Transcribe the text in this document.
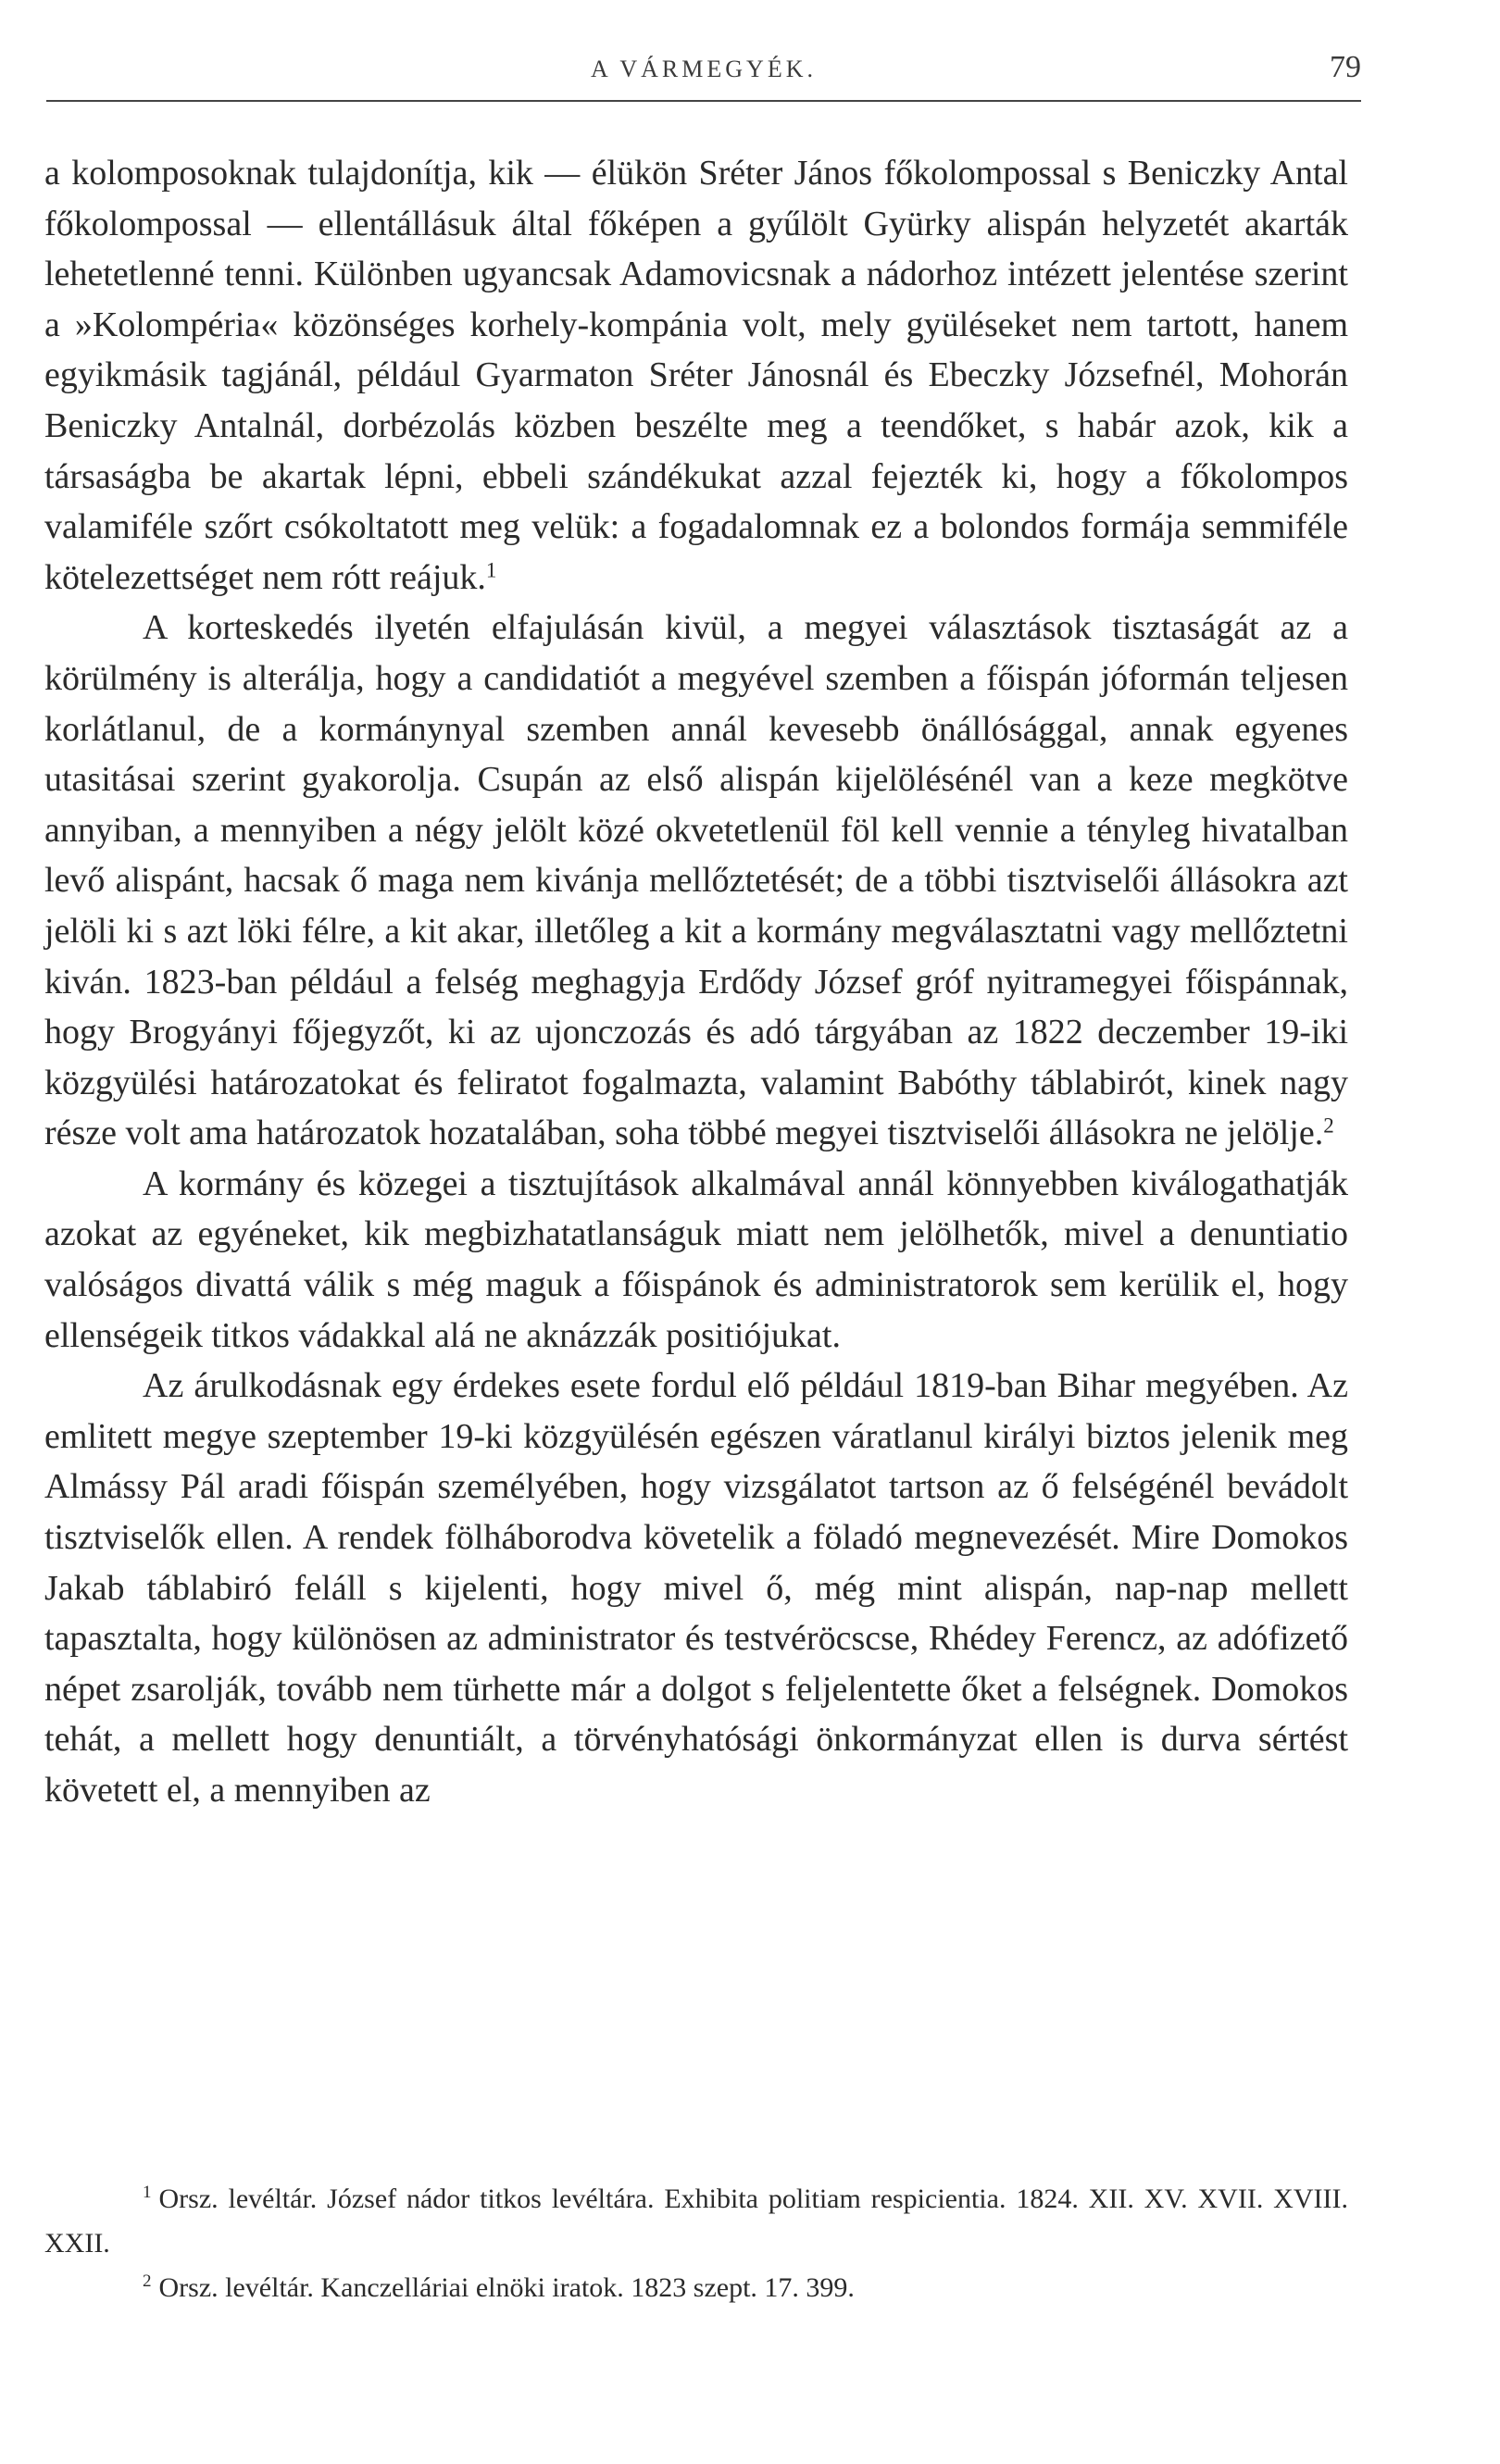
A VÁRMEGYÉK.	79

a kolomposoknak tulajdonítja, kik — élükön Sréter János főkolompossal s Beniczky Antal főkolompossal — ellentállásuk által főképen a gyűlölt Gyürky alispán helyzetét akarták lehetetlenné tenni. Különben ugyancsak Adamovicsnak a nádorhoz intézett jelentése szerint a »Kolompéria« közönséges korhely-kompánia volt, mely gyüléseket nem tartott, hanem egyikmásik tagjánál, például Gyarmaton Sréter Jánosnál és Ebeczky Józsefnél, Mohorán Beniczky Antalnál, dorbézolás közben beszélte meg a teendőket, s habár azok, kik a társaságba be akartak lépni, ebbeli szándékukat azzal fejezték ki, hogy a főkolompos valamiféle szőrt csókoltatott meg velük: a fogadalomnak ez a bolondos formája semmiféle kötelezettséget nem rótt reájuk.$^1$

A korteskedés ilyetén elfajulásán kivül, a megyei választások tisztaságát az a körülmény is alterálja, hogy a candidatiót a megyével szemben a főispán jóformán teljesen korlátlanul, de a kormánynyal szemben annál kevesebb önállósággal, annak egyenes utasitásai szerint gyakorolja. Csupán az első alispán kijelölésénél van a keze megkötve annyiban, a mennyiben a négy jelölt közé okvetetlenül föl kell vennie a tényleg hivatalban levő alispánt, hacsak ő maga nem kivánja mellőztetését; de a többi tisztviselői állásokra azt jelöli ki s azt löki félre, a kit akar, illetőleg a kit a kormány megválasztatni vagy mellőztetni kiván. 1823-ban például a felség meghagyja Erdődy József gróf nyitramegyei főispánnak, hogy Brogyányi főjegyzőt, ki az ujonczozás és adó tárgyában az 1822 deczember 19-iki közgyülési határozatokat és feliratot fogalmazta, valamint Babóthy táblabirót, kinek nagy része volt ama határozatok hozatalában, soha többé megyei tisztviselői állásokra ne jelölje.$^2$

A kormány és közegei a tisztujítások alkalmával annál könnyebben kiválogathatják azokat az egyéneket, kik megbizhatatlanságuk miatt nem jelölhetők, mivel a denuntiatio valóságos divattá válik s még maguk a főispánok és administratorok sem kerülik el, hogy ellenségeik titkos vádakkal alá ne aknázzák positiójukat.

Az árulkodásnak egy érdekes esete fordul elő például 1819-ban Bihar megyében. Az emlitett megye szeptember 19-ki közgyülésén egészen váratlanul királyi biztos jelenik meg Almássy Pál aradi főispán személyében, hogy vizsgálatot tartson az ő felségénél bevádolt tisztviselők ellen. A rendek fölháborodva követelik a föladó megnevezését. Mire Domokos Jakab táblabiró feláll s kijelenti, hogy mivel ő, még mint alispán, nap-nap mellett tapasztalta, hogy különösen az administrator és testvéröcscse, Rhédey Ferencz, az adófizető népet zsarolják, tovább nem türhette már a dolgot s feljelentette őket a felségnek. Domokos tehát, a mellett hogy denuntiált, a törvényhatósági önkormányzat ellen is durva sértést követett el, a mennyiben az

$^1$ Orsz. levéltár. József nádor titkos levéltára. Exhibita politiam respicientia. 1824. XII. XV. XVII. XVIII. XXII.

$^2$ Orsz. levéltár. Kanczelláriai elnöki iratok. 1823 szept. 17. 399.
